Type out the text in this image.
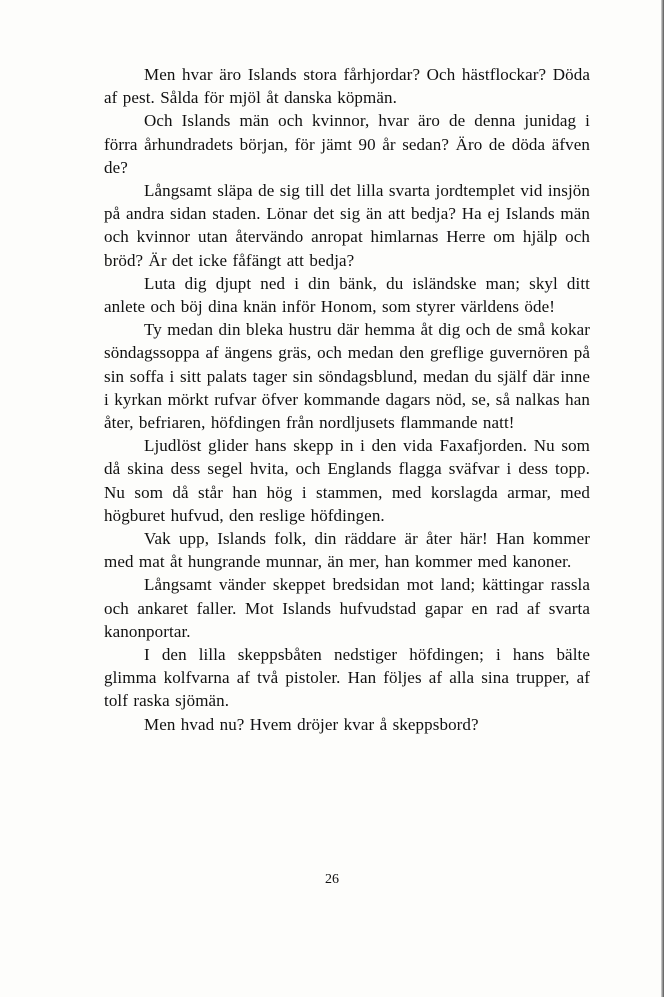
Men hvar äro Islands stora fårhjordar? Och hästflockar? Döda af pest. Sålda för mjöl åt danska köpmän.

Och Islands män och kvinnor, hvar äro de denna junidag i förra århundradets början, för jämt 90 år sedan? Äro de döda äfven de?

Långsamt släpa de sig till det lilla svarta jordtemplet vid insjön på andra sidan staden. Lönar det sig än att bedja? Ha ej Islands män och kvinnor utan återvändo anropat himlarnas Herre om hjälp och bröd? Är det icke fåfängt att bedja?

Luta dig djupt ned i din bänk, du isländske man; skyl ditt anlete och böj dina knän inför Honom, som styrer världens öde!

Ty medan din bleka hustru där hemma åt dig och de små kokar söndagssoppa af ängens gräs, och medan den greflige guvernören på sin soffa i sitt palats tager sin söndagsblund, medan du själf där inne i kyrkan mörkt rufvar öfver kommande dagars nöd, se, så nalkas han åter, befriaren, höfdingen från nordljusets flammande natt!

Ljudlöst glider hans skepp in i den vida Faxafjorden. Nu som då skina dess segel hvita, och Englands flagga sväfvar i dess topp. Nu som då står han hög i stammen, med korslagda armar, med högburet hufvud, den reslige höfdingen.

Vak upp, Islands folk, din räddare är åter här! Han kommer med mat åt hungrande munnar, än mer, han kommer med kanoner.

Långsamt vänder skeppet bredsidan mot land; kättingar rassla och ankaret faller. Mot Islands hufvudstad gapar en rad af svarta kanonportar.

I den lilla skeppsbåten nedstiger höfdingen; i hans bälte glimma kolfvarna af två pistoler. Han följes af alla sina trupper, af tolf raska sjömän.

Men hvad nu? Hvem dröjer kvar å skeppsbord?

26
